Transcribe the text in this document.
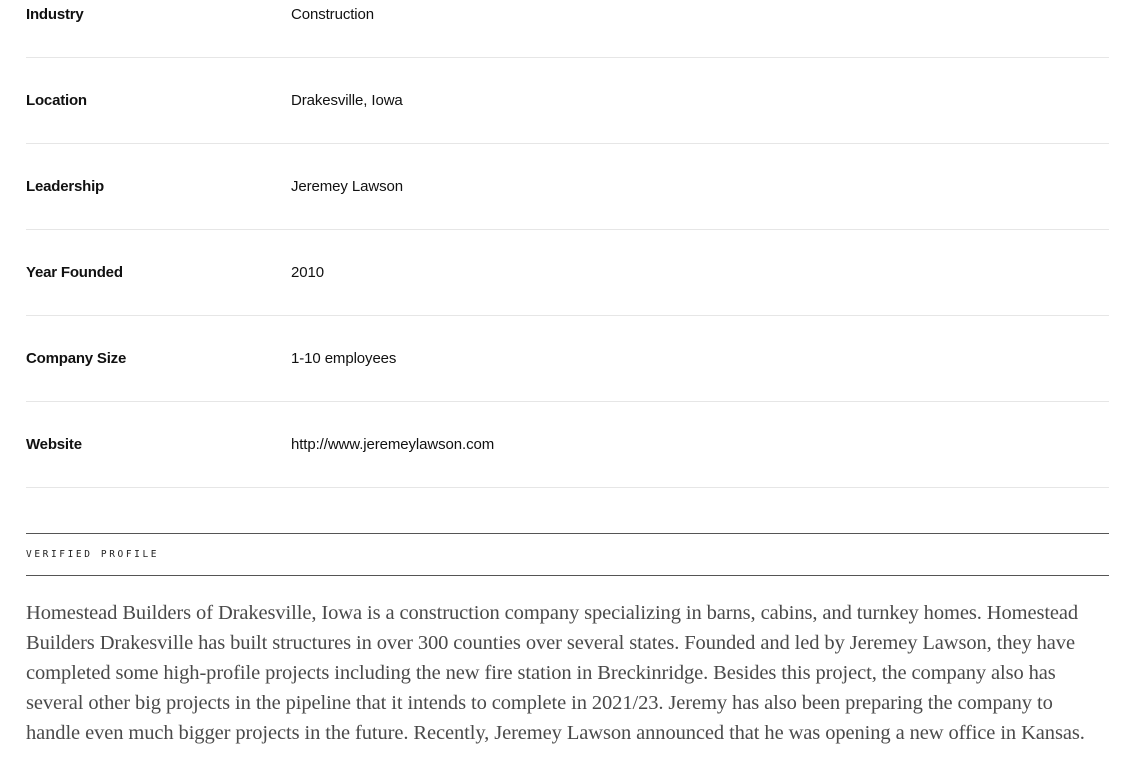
Industry	Construction
Location	Drakesville, Iowa
Leadership	Jeremey Lawson
Year Founded	2010
Company Size	1-10 employees
Website	http://www.jeremeylawson.com
VERIFIED PROFILE

Homestead Builders of Drakesville, Iowa is a construction company specializing in barns, cabins, and turnkey homes. Homestead Builders Drakesville has built structures in over 300 counties over several states. Founded and led by Jeremey Lawson, they have completed some high-profile projects including the new fire station in Breckinridge. Besides this project, the company also has several other big projects in the pipeline that it intends to complete in 2021/23. Jeremy has also been preparing the company to handle even much bigger projects in the future. Recently, Jeremey Lawson announced that he was opening a new office in Kansas.
